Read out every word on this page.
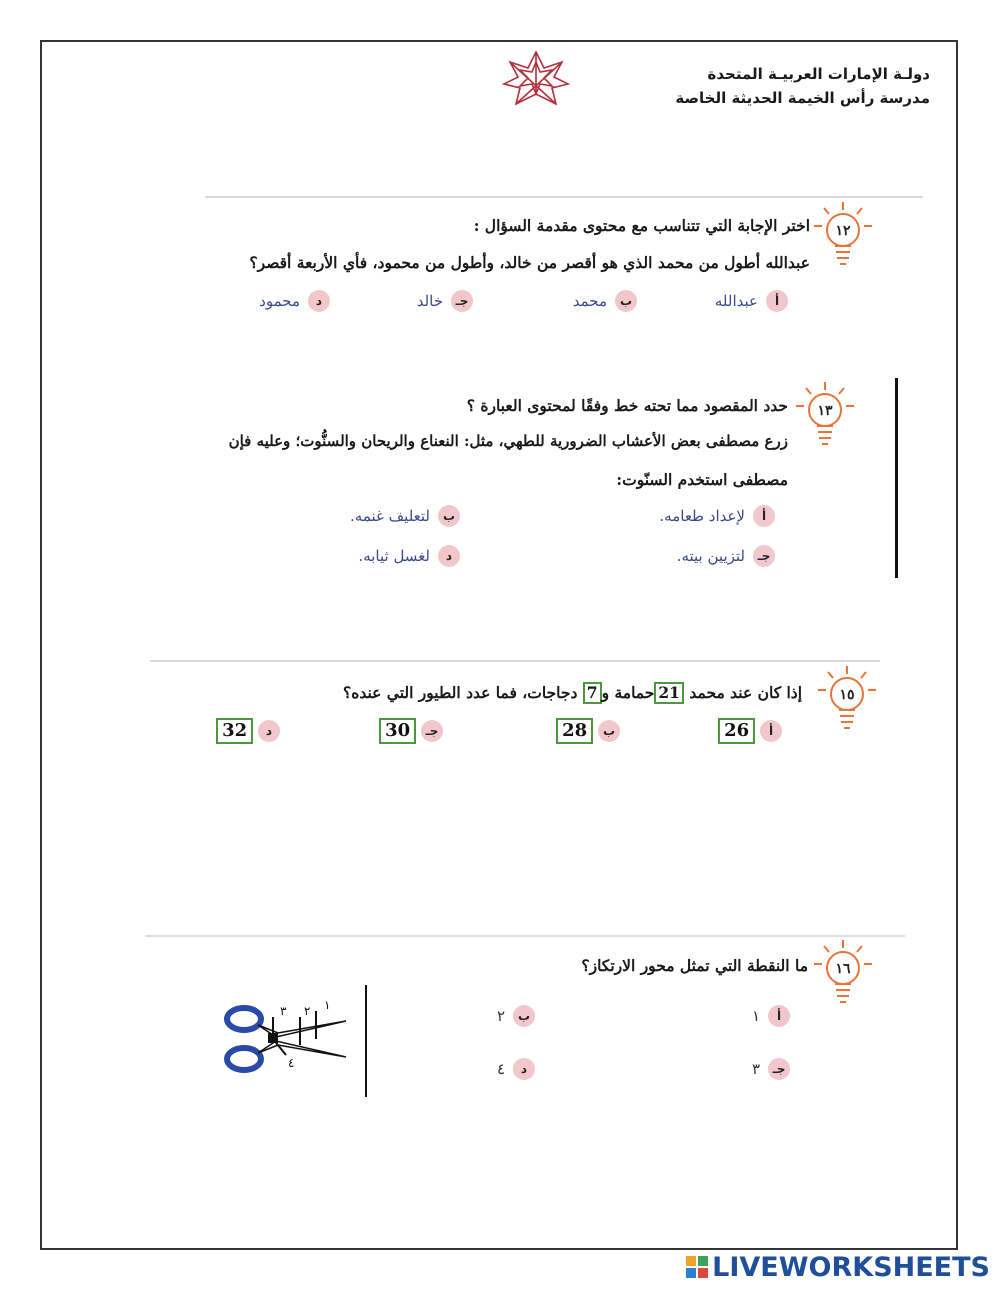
دولـة الإمارات العربيـة المتحدة
مدرسة رأس الخيمة الحديثة الخاصة
١٢
اختر الإجابة التي تتناسب مع محتوى مقدمة السؤال :
عبدالله أطول من محمد الذي هو أقصر من خالد، وأطول من محمود، فأي الأربعة أقصر؟
أعبدالله
بمحمد
جـخالد
دمحمود
١٣
حدد المقصود مما تحته خط وفقًا لمحتوى العبارة ؟
زرع مصطفى بعض الأعشاب الضرورية للطهي، مثل: النعناع والريحان والسنُّوت؛ وعليه فإن
مصطفى استخدم السنّوت:
ألإعداد طعامه.
بلتعليف غنمه.
جـلتزيين بيته.
دلغسل ثيابه.
١٥
إذا كان عند محمد 21حمامة و7 دجاجات، فما عدد الطيور التي عنده؟
أ 26
ب 28
جـ 30
د 32
١٦
ما النقطة التي تمثل محور الارتكاز؟
أ١
ب٢
جـ٣
د٤
٣ ٢ ١
٤
LIVEWORKSHEETS
